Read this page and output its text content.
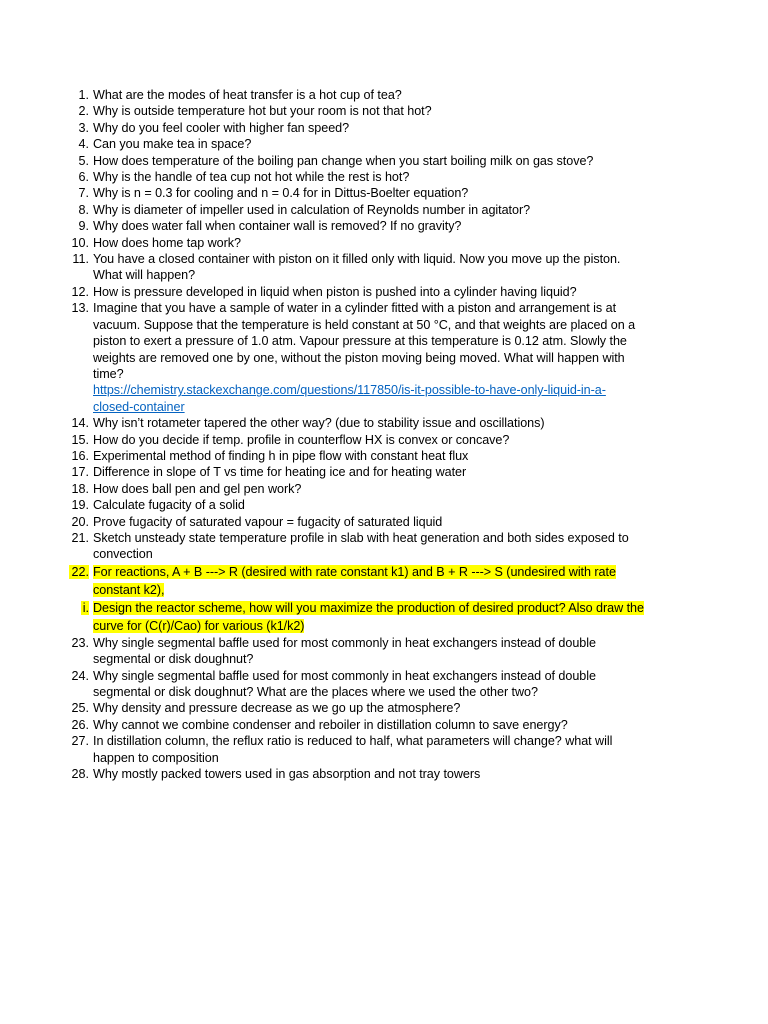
1. What are the modes of heat transfer is a hot cup of tea?
2. Why is outside temperature hot but your room is not that hot?
3. Why do you feel cooler with higher fan speed?
4. Can you make tea in space?
5. How does temperature of the boiling pan change when you start boiling milk on gas stove?
6. Why is the handle of tea cup not hot while the rest is hot?
7. Why is n = 0.3 for cooling and n = 0.4 for in Dittus-Boelter equation?
8. Why is diameter of impeller used in calculation of Reynolds number in agitator?
9. Why does water fall when container wall is removed? If no gravity?
10. How does home tap work?
11. You have a closed container with piston on it filled only with liquid. Now you move up the piston.
What will happen?
12. How is pressure developed in liquid when piston is pushed into a cylinder having liquid?
13. Imagine that you have a sample of water in a cylinder fitted with a piston and arrangement is at
vacuum. Suppose that the temperature is held constant at 50 °C, and that weights are placed on a
piston to exert a pressure of 1.0 atm. Vapour pressure at this temperature is 0.12 atm. Slowly the
weights are removed one by one, without the piston moving being moved. What will happen with
time?
https://chemistry.stackexchange.com/questions/117850/is-it-possible-to-have-only-liquid-in-a-
closed-container
14. Why isn’t rotameter tapered the other way? (due to stability issue and oscillations)
15. How do you decide if temp. profile in counterflow HX is convex or concave?
16. Experimental method of finding h in pipe flow with constant heat flux
17. Difference in slope of T vs time for heating ice and for heating water
18. How does ball pen and gel pen work?
19. Calculate fugacity of a solid
20. Prove fugacity of saturated vapour = fugacity of saturated liquid
21. Sketch unsteady state temperature profile in slab with heat generation and both sides exposed to
convection
22. For reactions, A + B ---> R (desired with rate constant k1) and B + R ---> S (undesired with rate
constant k2),
i. Design the reactor scheme, how will you maximize the production of desired product? Also draw the
curve for (C(r)/Cao) for various (k1/k2)
23. Why single segmental baffle used for most commonly in heat exchangers instead of double
segmental or disk doughnut?
24. Why single segmental baffle used for most commonly in heat exchangers instead of double
segmental or disk doughnut? What are the places where we used the other two?
25. Why density and pressure decrease as we go up the atmosphere?
26. Why cannot we combine condenser and reboiler in distillation column to save energy?
27. In distillation column, the reflux ratio is reduced to half, what parameters will change? what will
happen to composition
28. Why mostly packed towers used in gas absorption and not tray towers
